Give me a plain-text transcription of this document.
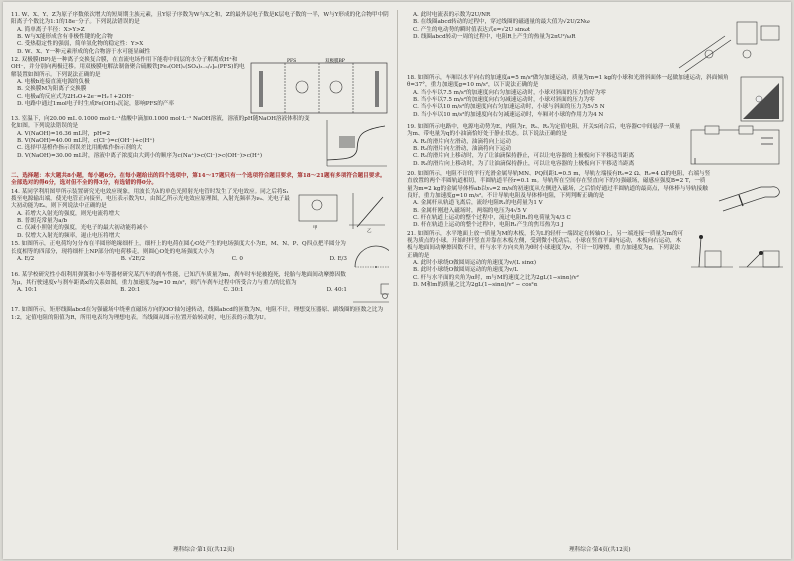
11. W、X、Y、Z为原子序数依次增大的短周期主族元素，且Y原子序数为W与X之和，Z的最外层电子数是K层电子数的一半，W与Y形成的化合物甲中阴阳离子个数比为1:1的18e⁻分子。下列说法错误的是
A. 简单离子半径：X>Y>Z
B. W与X能形成含有非极性键的化合物
C. 受热稳定性的强弱，简单氢化物的稳定性：Y>X
D. W、X、Y一种元素形成的化合物溶于水可能显碱性
12. 双极膜(BP)是一种离子交换复合膜，在直流电场作用下能将中间层的水分子解离成H⁺和OH⁻，并分别向两极迁移。用双极膜电解法制备聚合硫酸铁[Fe₂(OH)ₙ(SO₄)₃₋ₙ/₂]ₘ(PFS)的电解装置如图所示。下列说法正确的是
A. 电极b连接直流电源的负极
B. 交换膜M为阳离子交换膜
C. 电极a的反应式为2H₂O+2e⁻=H₂↑+2OH⁻
D. 电路中通过1mol电子时生成Fe(OH)₃沉淀，影响PFS的产率
PFS	双极膜BP
13. 室温下，向20.00 mL 0.1000 mol·L⁻¹盐酸中滴加0.1000 mol·L⁻¹ NaOH溶液，溶液的pH随NaOH溶液体积的变化如图。下列说法错误的是
A. V(NaOH)=16.36 mL时，pH=2
B. V(NaOH)=40.00 mL时，c(Cl⁻)=c(OH⁻)+c(H⁺)
C. 选择甲基橙作指示剂误差比用酚酞作指示剂的大
D. V(NaOH)=30.00 mL时，溶液中离子浓度由大到小的顺序为c(Na⁺)>c(Cl⁻)>c(OH⁻)>c(H⁺)
二、选择题：本大题共8小题，每小题6分。在每小题给出的四个选项中，第14～17题只有一个选项符合题目要求，第18～21题有多项符合题目要求。全部选对的得6分，选对但不全的得3分，有选错的得0分。
14. 某同学利用图甲所示装置研究光电效应现象，用波长为λ的单色光照射光电管时发生了光电效应。同之后将S₁拨至电源输出端，使光电管正向接至，电压表示数为U，由图乙所示光电效应原理图，入射光频率为ν₀、光电子最大初动能为Eₖ，则下列说法中正确的是
A. 若增大入射光的强度，则光电流将增大
B. 普朗克常量为a/b
C. 仅减小照射光的强度，光电子的最大初动能将减小
D. 仅增大入射光的频率，遏止电压将增大
甲
乙
15. 如图所示，正电荷均匀分布在半圆形绝缘细杆上，细杆上的电荷在圆心O处产生的电场强度大小为E，M、N、P、Q四点把半圆分为长度相等的四部分，现将细杆上NP部分的电荷移走，则圆心O处的电场强度大小为
A. E/2	B. √2E/2	C. 0	D. E/3
16. 某学校研究性小组利用弹簧和小车等器材研究某汽车的刹车性能，已知汽车质量为m，刹车时车轮被抱死，轮胎与地面间动摩擦因数为μ，其行驶速度v与刹车距离x的关系如图，重力加速度为g=10 m/s²，则汽车刹车过程中所受合力与重力的比值为
A. 10:1	B. 20:1	C. 30:1	D. 40:1
17. 如图所示，矩形线圈abcd在匀强磁场中绕垂直磁场方向的OO′轴匀速转动，线圈abcd的匝数为N，电阻不计，理想变压器原、副线圈的匝数之比为1:2，定值电阻的阻值为R，所用电表均为理想电表。当线圈从图示位置开始转动时，电压表的示数为U。
理科综合·第1页(共12页)
A. 此时电流表的示数为2U/NR
B. 在线圈abcd转动的过程中，穿过线圈的磁通量的最大值为√2U/2Nω
C. 产生的电动势的瞬时值表达式e=√2U sinωt
D. 线圈abcd转动一周的过程中，电阻R上产生的热量为2πU²/ωR
18. 如图所示，车厢以水平向右的加速度a=5 m/s²做匀加速运动，质量为m=1 kg的小球和光滑斜面体一起做加速运动，斜面倾角θ=37°，重力加速度g=10 m/s²，以下说法正确的是
A. 当小车以7.5 m/s²的加速度向右匀加速运动时，小球对斜面的压力恰好为零
B. 当小车以7.5 m/s²的加速度向右匀减速运动时，小球对斜面的压力为零
C. 当小车以10 m/s²的加速度向右匀加速运动时，小球与斜面的压力为5√5 N
D. 当小车以10 m/s²的加速度向右匀减速运动时，车厢对小球的作用力为4 N
19. 如图所示电路中，电源电动势为E，内阻为r，R₁、R₂为定值电阻，开关S闭合后，电容器C中间悬浮一质量为m、带电量为q的小油滴恰好处于静止状态。以下说法正确的是
A. R₁的滑片向左滑动，油滴将向上运动
B. R₂的滑片向左滑动，油滴将向下运动
C. R₁的滑片向上移动时，为了让油滴保持静止，可以让电容器的上极板向下平移适当距离
D. R₃的滑片向上移动时，为了让油滴保持静止，可以让电容器的上极板向下平移适当距离
20. 如图所示，电阻不计的平行光滑金属导轨MN、PQ间距L=0.5 m，导轨左端接有R₁=2 Ω、R₂=4 Ω的电阻，右端与竖直放置的两个半圆轨道相切，半圆轨道半径r=0.1 m。导轨所在空间存在竖直向下的匀强磁场，磁感应强度B=2 T，一质量为m=2 kg的金属导体棒ab以v₀=2 m/s的初速度从左侧进入磁场，之后恰好通过半圆轨道的最高点，导体棒与导轨接触良好，重力加速度g=10 m/s²。不计导轨电阻及导体棒电阻，下列判断正确的是
A. 金属杆从轨道飞离后，流经电阻R₁的电荷量为1 V
B. 金属杆刚进入磁场时，两端的电压为4√5 V
C. 杆在轨道上运动的整个过程中，流过电阻R₁的电荷量为4/3 C
D. 杆在轨道上运动的整个过程中，电阻R₁产生的焦耳热为3 J
21. 如图所示，水平地面上放一质量为M的木板，长为L的轻杆一端固定在转轴O上，另一端连接一质量为m的可视为质点的小球。开始时杆竖直并靠在木板左侧，受到微小扰动后，小球在竖直平面内运动，木板向右运动，木板与地面间动摩擦因数不计，杆与水平方向夹角为θ时小球速度为v，不计一切摩擦，重力加速度为g，下列说法正确的是
A. 此时小球绕O做圆周运动的角速度为v/(L sinα)
B. 此时小球绕O做圆周运动的角速度为v/L
C. 杆与水平面的夹角为α时，m与M的速度之比为2gL(1−sinα)/v²
D. M和m的质量之比为2gL(1−sinα)/v² − cos²α
理科综合·第4页(共12页)
